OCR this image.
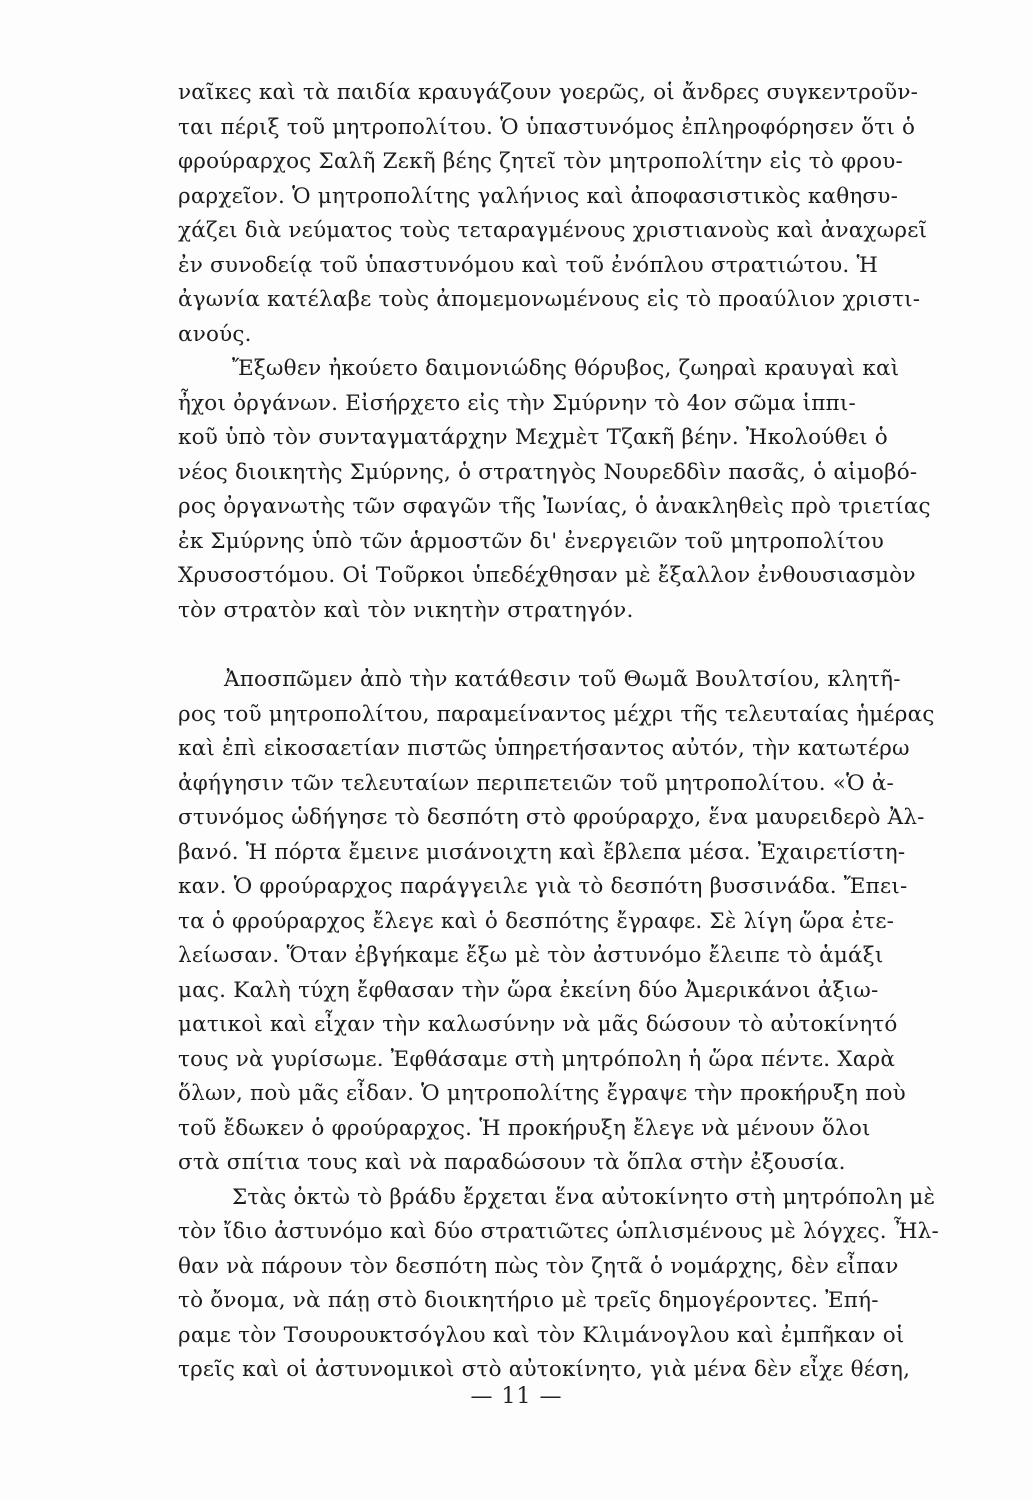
ναῖκες καὶ τὰ παιδία κραυγάζουν γοερῶς, οἱ ἄνδρες συγκεντροῦν-
ται πέριξ τοῦ μητροπολίτου. Ὁ ὑπαστυνόμος ἐπληροφόρησεν ὅτι ὁ
φρούραρχος Σαλῆ Ζεκῆ βέης ζητεῖ τὸν μητροπολίτην εἰς τὸ φρου-
ραρχεῖον. Ὁ μητροπολίτης γαλήνιος καὶ ἀποφασιστικὸς καθησυ-
χάζει διὰ νεύματος τοὺς τεταραγμένους χριστιανοὺς καὶ ἀναχωρεῖ
ἐν συνοδείᾳ τοῦ ὑπαστυνόμου καὶ τοῦ ἐνόπλου στρατιώτου. Ἡ
ἀγωνία κατέλαβε τοὺς ἀπομεμονωμένους εἰς τὸ προαύλιον χριστι-
ανούς.
Ἔξωθεν ἠκούετο δαιμονιώδης θόρυβος, ζωηραὶ κραυγαὶ καὶ
ἦχοι ὀργάνων. Εἰσήρχετο εἰς τὴν Σμύρνην τὸ 4ον σῶμα ἱππι-
κοῦ ὑπὸ τὸν συνταγματάρχην Μεχμὲτ Τζακῆ βέην. Ἠκολούθει ὁ
νέος διοικητὴς Σμύρνης, ὁ στρατηγὸς Νουρεδδὶν πασᾶς, ὁ αἱμοβό-
ρος ὀργανωτὴς τῶν σφαγῶν τῆς Ἰωνίας, ὁ ἀνακληθεὶς πρὸ τριετίας
ἐκ Σμύρνης ὑπὸ τῶν ἁρμοστῶν δι' ἐνεργειῶν τοῦ μητροπολίτου
Χρυσοστόμου. Οἱ Τοῦρκοι ὑπεδέχθησαν μὲ ἔξαλλον ἐνθουσιασμὸν
τὸν στρατὸν καὶ τὸν νικητὴν στρατηγόν.
Ἀποσπῶμεν ἀπὸ τὴν κατάθεσιν τοῦ Θωμᾶ Βουλτσίου, κλητῆ-
ρος τοῦ μητροπολίτου, παραμείναντος μέχρι τῆς τελευταίας ἡμέρας
καὶ ἐπὶ εἰκοσαετίαν πιστῶς ὑπηρετήσαντος αὐτόν, τὴν κατωτέρω
ἀφήγησιν τῶν τελευταίων περιπετειῶν τοῦ μητροπολίτου. «Ὁ ἀ-
στυνόμος ὡδήγησε τὸ δεσπότη στὸ φρούραρχο, ἕνα μαυρειδερὸ Ἀλ-
βανό. Ἡ πόρτα ἔμεινε μισάνοιχτη καὶ ἔβλεπα μέσα. Ἐχαιρετίστη-
καν. Ὁ φρούραρχος παράγγειλε γιὰ τὸ δεσπότη βυσσινάδα. Ἔπει-
τα ὁ φρούραρχος ἔλεγε καὶ ὁ δεσπότης ἔγραφε. Σὲ λίγη ὥρα ἐτε-
λείωσαν. Ὅταν ἐβγήκαμε ἔξω μὲ τὸν ἀστυνόμο ἔλειπε τὸ ἁμάξι
μας. Καλὴ τύχη ἔφθασαν τὴν ὥρα ἐκείνη δύο Ἀμερικάνοι ἀξιω-
ματικοὶ καὶ εἶχαν τὴν καλωσύνην νὰ μᾶς δώσουν τὸ αὐτοκίνητό
τους νὰ γυρίσωμε. Ἐφθάσαμε στὴ μητρόπολη ἡ ὥρα πέντε. Χαρὰ
ὅλων, ποὺ μᾶς εἶδαν. Ὁ μητροπολίτης ἔγραψε τὴν προκήρυξη ποὺ
τοῦ ἔδωκεν ὁ φρούραρχος. Ἡ προκήρυξη ἔλεγε νὰ μένουν ὅλοι
στὰ σπίτια τους καὶ νὰ παραδώσουν τὰ ὅπλα στὴν ἐξουσία.
Στὰς ὀκτὼ τὸ βράδυ ἔρχεται ἕνα αὐτοκίνητο στὴ μητρόπολη μὲ
τὸν ἴδιο ἀστυνόμο καὶ δύο στρατιῶτες ὡπλισμένους μὲ λόγχες. Ἦλ-
θαν νὰ πάρουν τὸν δεσπότη πὼς τὸν ζητᾶ ὁ νομάρχης, δὲν εἶπαν
τὸ ὄνομα, νὰ πάῃ στὸ διοικητήριο μὲ τρεῖς δημογέροντες. Ἐπή-
ραμε τὸν Τσουρουκτσόγλου καὶ τὸν Κλιμάνογλου καὶ ἐμπῆκαν οἱ
τρεῖς καὶ οἱ ἀστυνομικοὶ στὸ αὐτοκίνητο, γιὰ μένα δὲν εἶχε θέση,
— 11 —
